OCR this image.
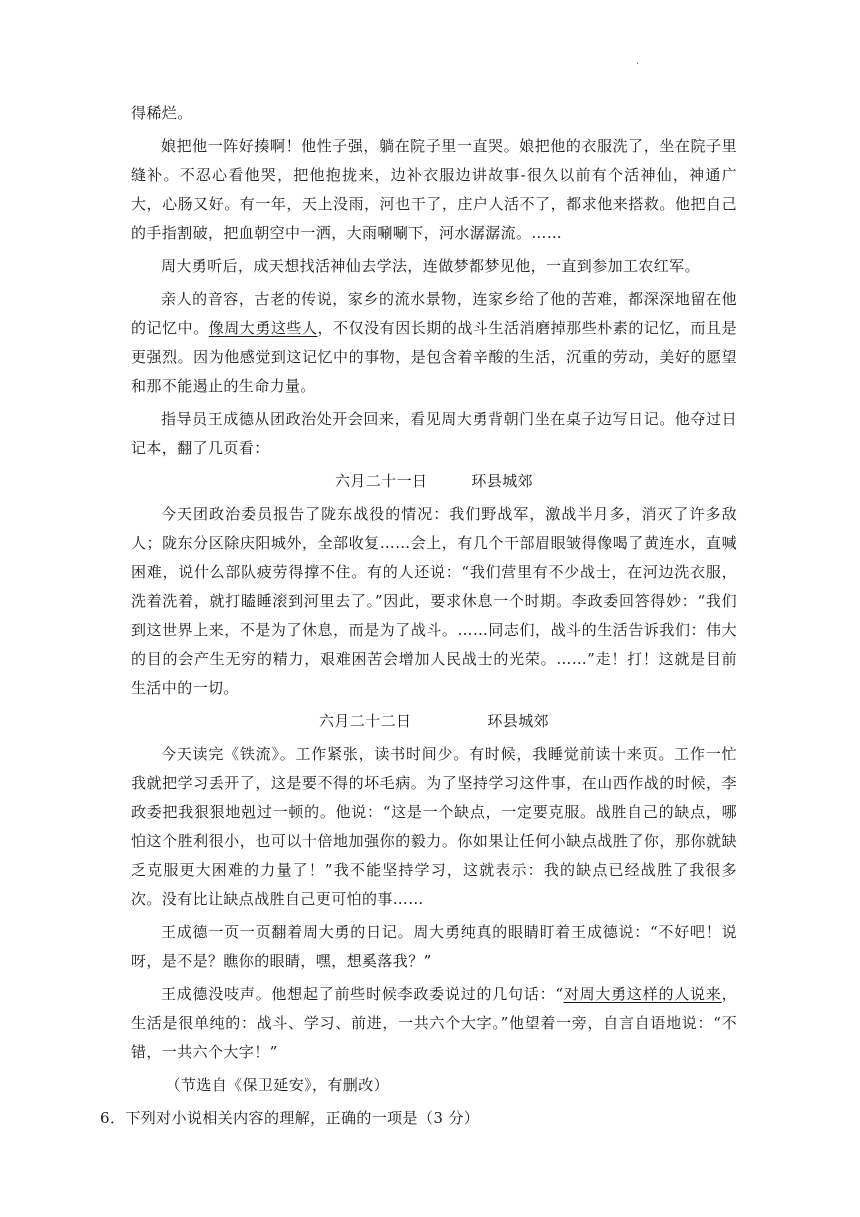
.

得稀烂。

娘把他一阵好揍啊！他性子强，躺在院子里一直哭。娘把他的衣服洗了，坐在院子里缝补。不忍心看他哭，把他抱拢来，边补衣服边讲故事-很久以前有个活神仙，神通广大，心肠又好。有一年，天上没雨，河也干了，庄户人活不了，都求他来搭救。他把自己的手指割破，把血朝空中一洒，大雨唰唰下，河水潺潺流。……

周大勇听后，成天想找活神仙去学法，连做梦都梦见他，一直到参加工农红军。

亲人的音容，古老的传说，家乡的流水景物，连家乡给了他的苦难，都深深地留在他的记忆中。像周大勇这些人，不仅没有因长期的战斗生活消磨掉那些朴素的记忆，而且是更强烈。因为他感觉到这记忆中的事物，是包含着辛酸的生活，沉重的劳动，美好的愿望和那不能遏止的生命力量。

指导员王成德从团政治处开会回来，看见周大勇背朝门坐在桌子边写日记。他夺过日记本，翻了几页看：

六月二十一日	环县城郊

今天团政治委员报告了陇东战役的情况：我们野战军，激战半月多，消灭了许多敌人；陇东分区除庆阳城外，全部收复……会上，有几个干部眉眼皱得像喝了黄连水，直喊困难，说什么部队疲劳得撑不住。有的人还说：“我们营里有不少战士，在河边洗衣服，洗着洗着，就打瞌睡滚到河里去了。”因此，要求休息一个时期。李政委回答得妙：“我们到这世界上来，不是为了休息，而是为了战斗。……同志们，战斗的生活告诉我们：伟大的目的会产生无穷的精力，艰难困苦会增加人民战士的光荣。……”走！打！这就是目前生活中的一切。

六月二十二日	环县城郊

今天读完《铁流》。工作紧张，读书时间少。有时候，我睡觉前读十来页。工作一忙我就把学习丢开了，这是要不得的坏毛病。为了坚持学习这件事，在山西作战的时候，李政委把我狠狠地剋过一顿的。他说：“这是一个缺点，一定要克服。战胜自己的缺点，哪怕这个胜利很小，也可以十倍地加强你的毅力。你如果让任何小缺点战胜了你，那你就缺乏克服更大困难的力量了！”我不能坚持学习，这就表示：我的缺点已经战胜了我很多次。没有比让缺点战胜自己更可怕的事……

王成德一页一页翻着周大勇的日记。周大勇纯真的眼睛盯着王成德说：“不好吧！说呀，是不是？瞧你的眼睛，嘿，想奚落我？”

王成德没吱声。他想起了前些时候李政委说过的几句话：“对周大勇这样的人说来，生活是很单纯的：战斗、学习、前进，一共六个大字。”他望着一旁，自言自语地说：“不错，一共六个大字！”

（节选自《保卫延安》，有删改）

6．下列对小说相关内容的理解，正确的一项是（3 分）
